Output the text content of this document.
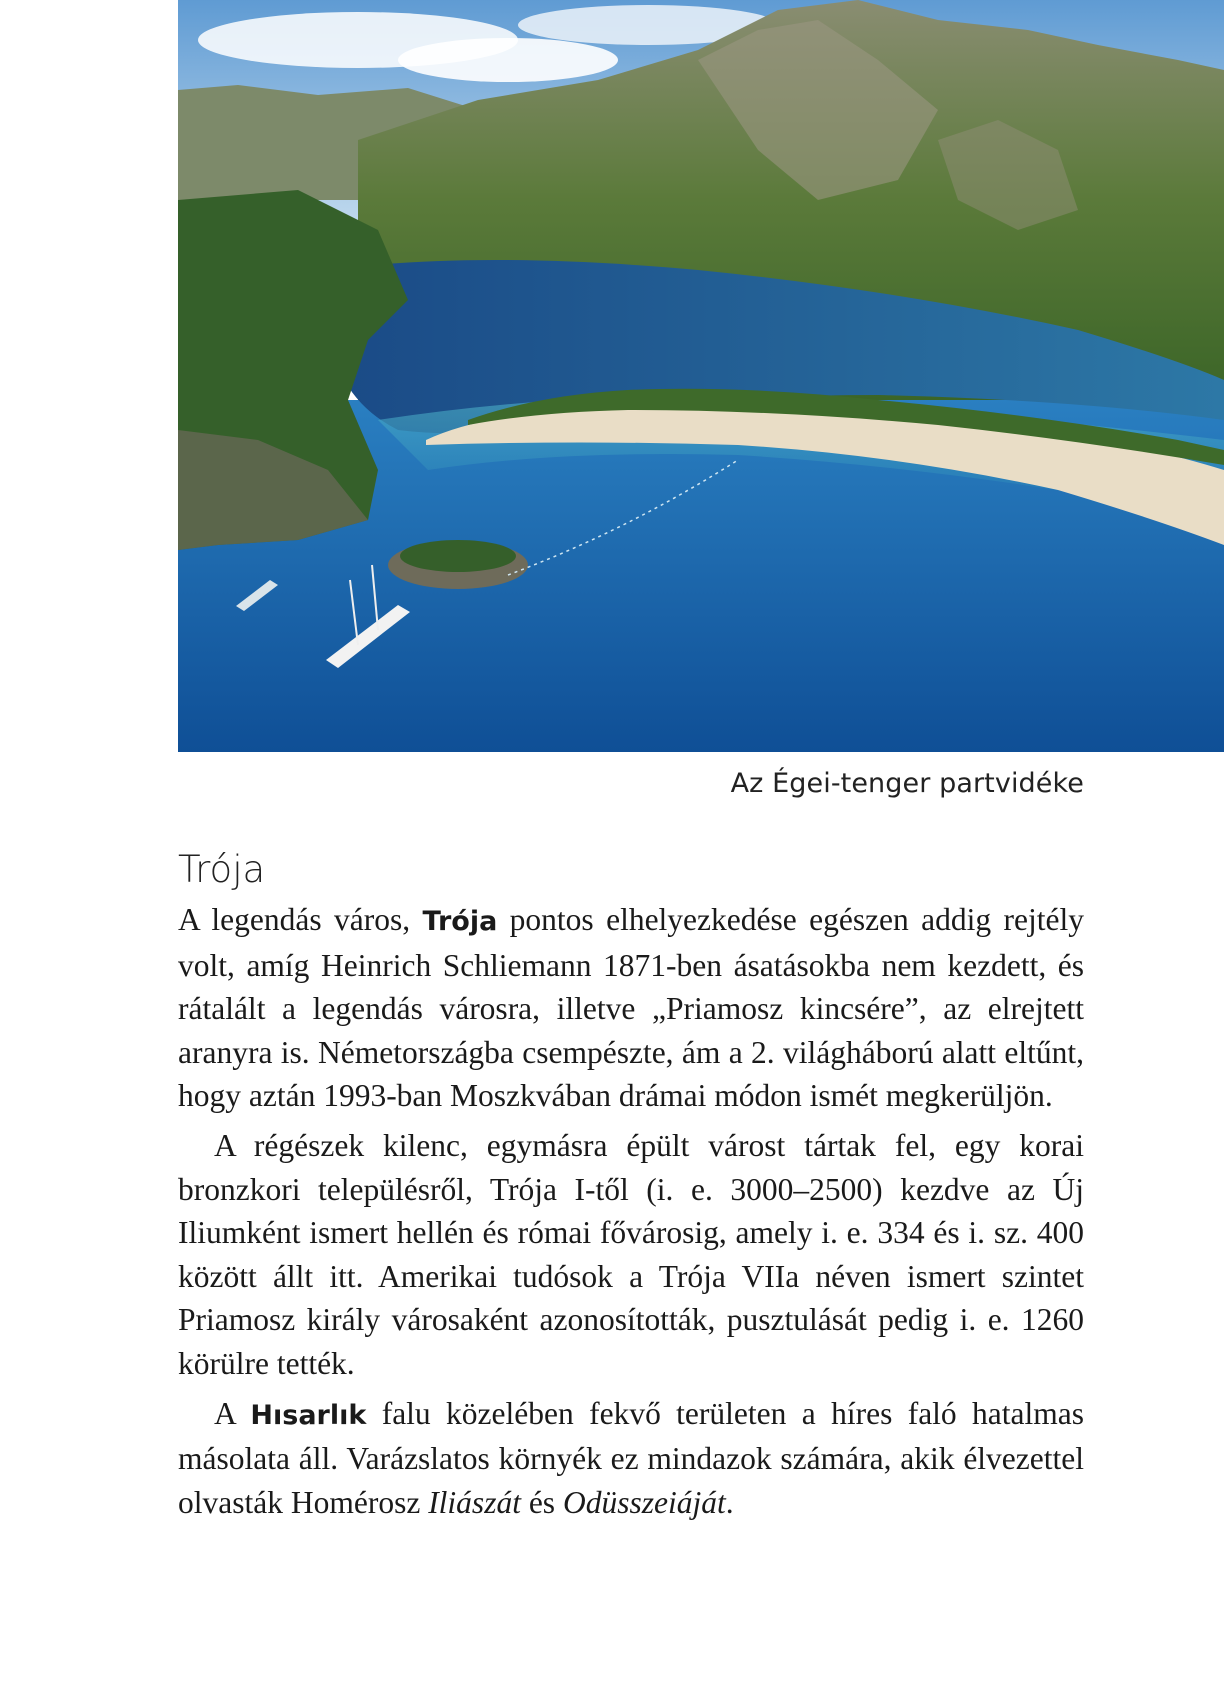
Az Égei-tenger partvidéke
Trója

A legendás város, Trója pontos elhelyezkedése egészen addig rejtély volt, amíg Heinrich Schliemann 1871-ben ásatásokba nem kezdett, és rátalált a legendás városra, illetve „Priamosz kincsére”, az elrejtett aranyra is. Németországba csempészte, ám a 2. világháború alatt eltűnt, hogy aztán 1993-ban Moszkvában drámai módon ismét megkerüljön.

A régészek kilenc, egymásra épült várost tártak fel, egy korai bronzkori településről, Trója I-től (i. e. 3000–2500) kezdve az Új Iliumként ismert hellén és római fővárosig, amely i. e. 334 és i. sz. 400 között állt itt. Amerikai tudósok a Trója VIIa néven ismert szintet Priamosz király városaként azonosították, pusztulását pedig i. e. 1260 körülre tették.

A Hısarlık falu közelében fekvő területen a híres faló hatalmas másolata áll. Varázslatos környék ez mindazok számára, akik élvezettel olvasták Homérosz Iliászát és Odüsszeiáját.
